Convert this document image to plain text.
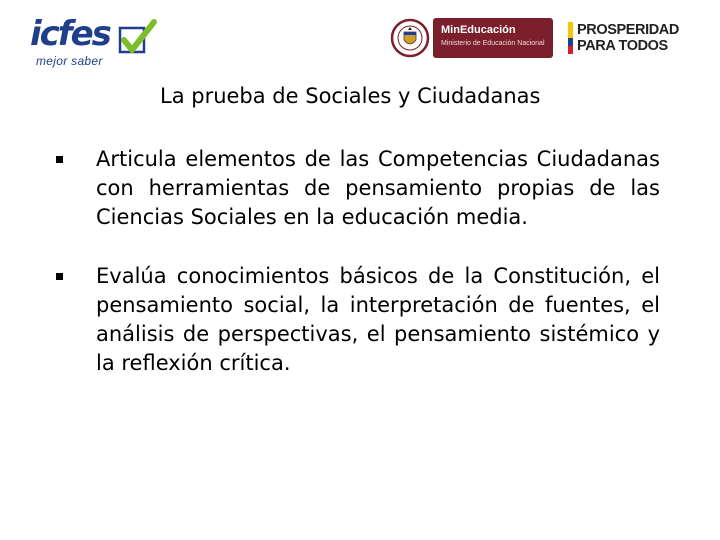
icfes
mejor saber
MinEducación
Ministerio de Educación Nacional
PROSPERIDAD
PARA TODOS
La prueba de Sociales y Ciudadanas
Articula elementos de las Competencias Ciudadanas con herramientas de pensamiento propias de las Ciencias Sociales en la educación media.
Evalúa conocimientos básicos de la Constitución, el pensamiento social, la interpretación de fuentes, el análisis de perspectivas, el pensamiento sistémico y la reflexión crítica.
